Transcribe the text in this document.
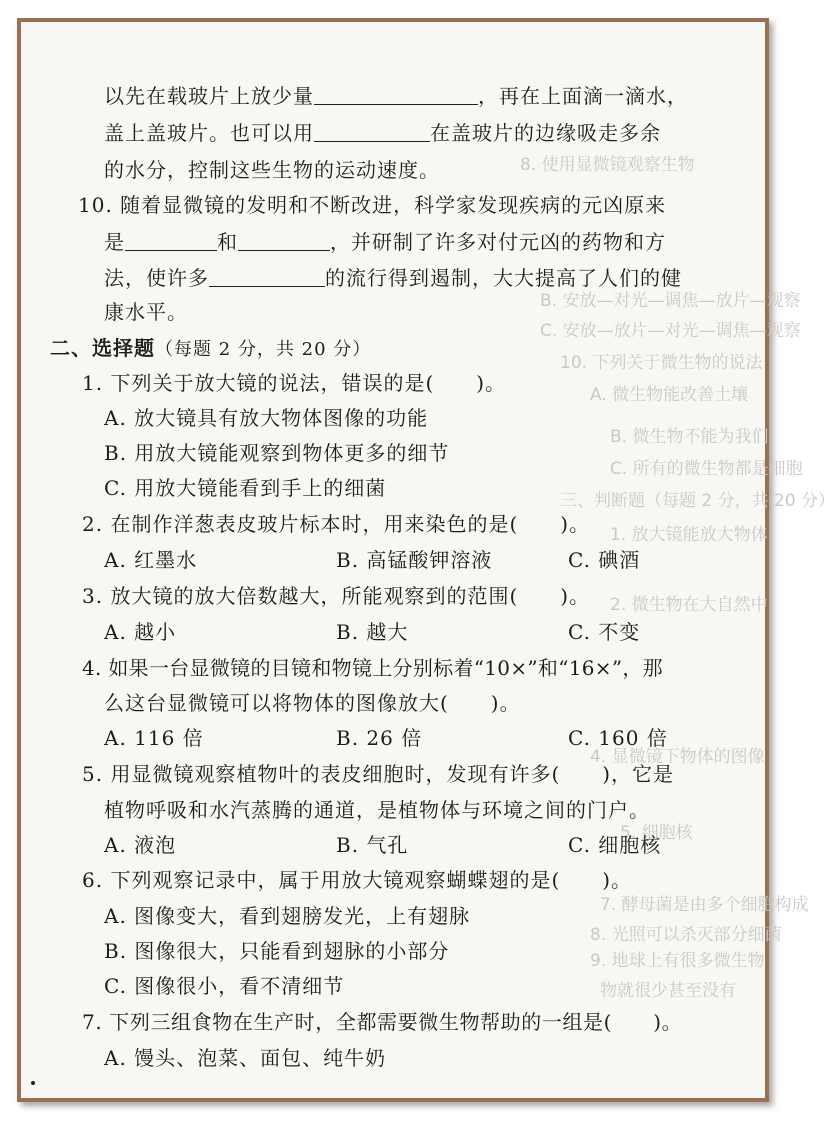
8. 使用显微镜观察生物
B. 安放—对光—调焦—放片—观察
C. 安放—放片—对光—调焦—观察
10. 下列关于微生物的说法
A. 微生物能改善土壤
B. 微生物不能为我们
C. 所有的微生物都是细胞
三、判断题（每题 2 分，共 20 分）
1. 放大镜能放大物体
2. 微生物在大自然中
4. 显微镜下物体的图像
5. 细胞核
7. 酵母菌是由多个细胞构成
8. 光照可以杀灭部分细菌
9. 地球上有很多微生物
物就很少甚至没有
以先在载玻片上放少量	，再在上面滴一滴水，
盖上盖玻片。也可以用	在盖玻片的边缘吸走多余
的水分，控制这些生物的运动速度。
10. 随着显微镜的发明和不断改进，科学家发现疾病的元凶原来
是	和	，并研制了许多对付元凶的药物和方
法，使许多	的流行得到遏制，大大提高了人们的健
康水平。
二、选择题（每题 2 分，共 20 分）
1. 下列关于放大镜的说法，错误的是(　　)。
A. 放大镜具有放大物体图像的功能
B. 用放大镜能观察到物体更多的细节
C. 用放大镜能看到手上的细菌
2. 在制作洋葱表皮玻片标本时，用来染色的是(　　)。
A. 红墨水	B. 高锰酸钾溶液	C. 碘酒
3. 放大镜的放大倍数越大，所能观察到的范围(　　)。
A. 越小	B. 越大	C. 不变
4. 如果一台显微镜的目镜和物镜上分别标着“10×”和“16×”，那
么这台显微镜可以将物体的图像放大(　　)。
A. 116 倍	B. 26 倍	C. 160 倍
5. 用显微镜观察植物叶的表皮细胞时，发现有许多(　　)，它是
植物呼吸和水汽蒸腾的通道，是植物体与环境之间的门户。
A. 液泡	B. 气孔	C. 细胞核
6. 下列观察记录中，属于用放大镜观察蝴蝶翅的是(　　)。
A. 图像变大，看到翅膀发光，上有翅脉
B. 图像很大，只能看到翅脉的小部分
C. 图像很小，看不清细节
7. 下列三组食物在生产时，全都需要微生物帮助的一组是(　　)。
A. 馒头、泡菜、面包、纯牛奶
